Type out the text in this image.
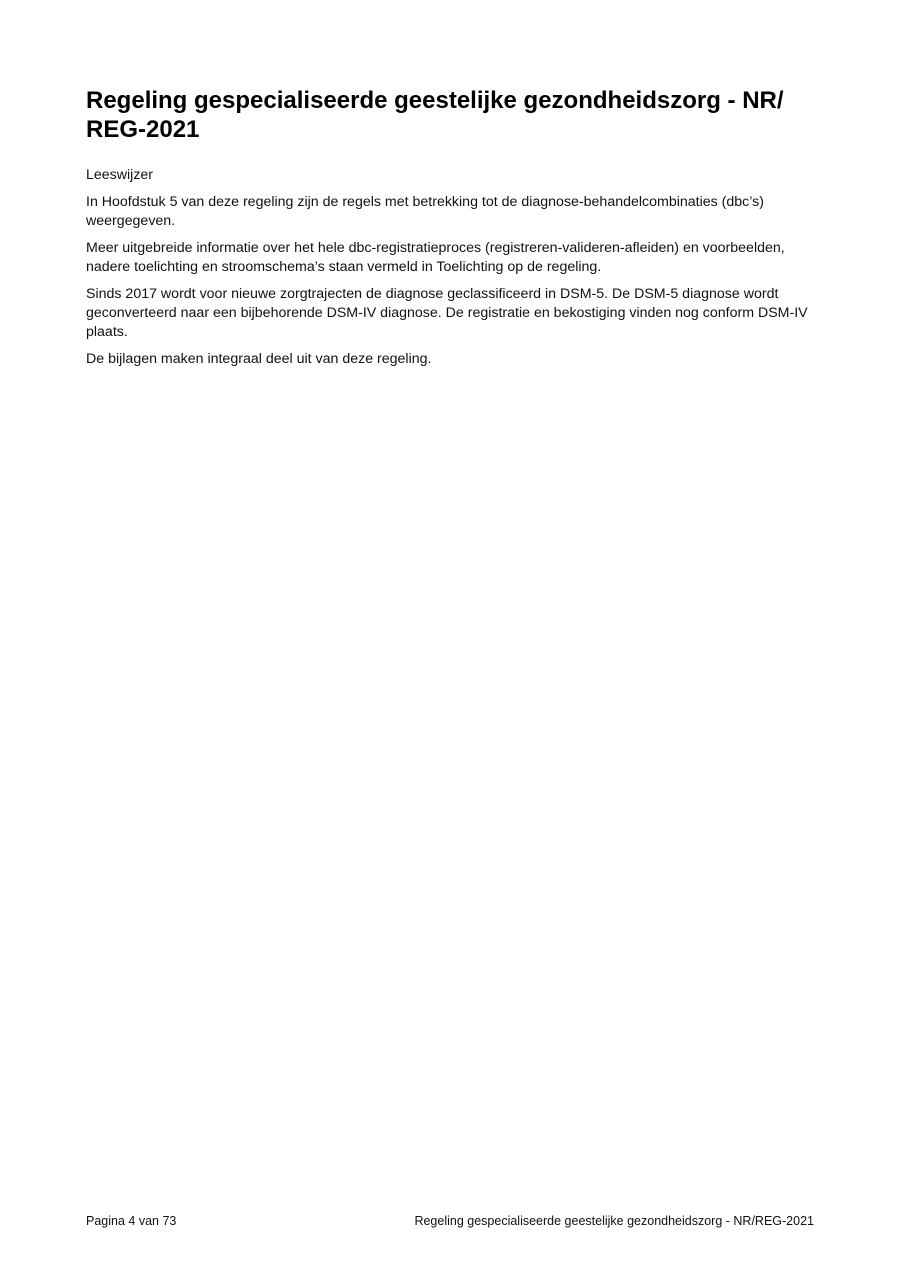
Regeling gespecialiseerde geestelijke gezondheidszorg - NR/
REG-2021

Leeswijzer

In Hoofdstuk 5 van deze regeling zijn de regels met betrekking tot de diagnose-behandelcombinaties (dbc’s) weergegeven.

Meer uitgebreide informatie over het hele dbc-registratieproces (registreren-valideren-afleiden) en voorbeelden, nadere toelichting en stroomschema’s staan vermeld in Toelichting op de regeling.

Sinds 2017 wordt voor nieuwe zorgtrajecten de diagnose geclassificeerd in DSM-5. De DSM-5 diagnose wordt geconverteerd naar een bijbehorende DSM-IV diagnose. De registratie en bekostiging vinden nog conform DSM-IV plaats.

De bijlagen maken integraal deel uit van deze regeling.

Pagina 4 van 73	Regeling gespecialiseerde geestelijke gezondheidszorg - NR/REG-2021
